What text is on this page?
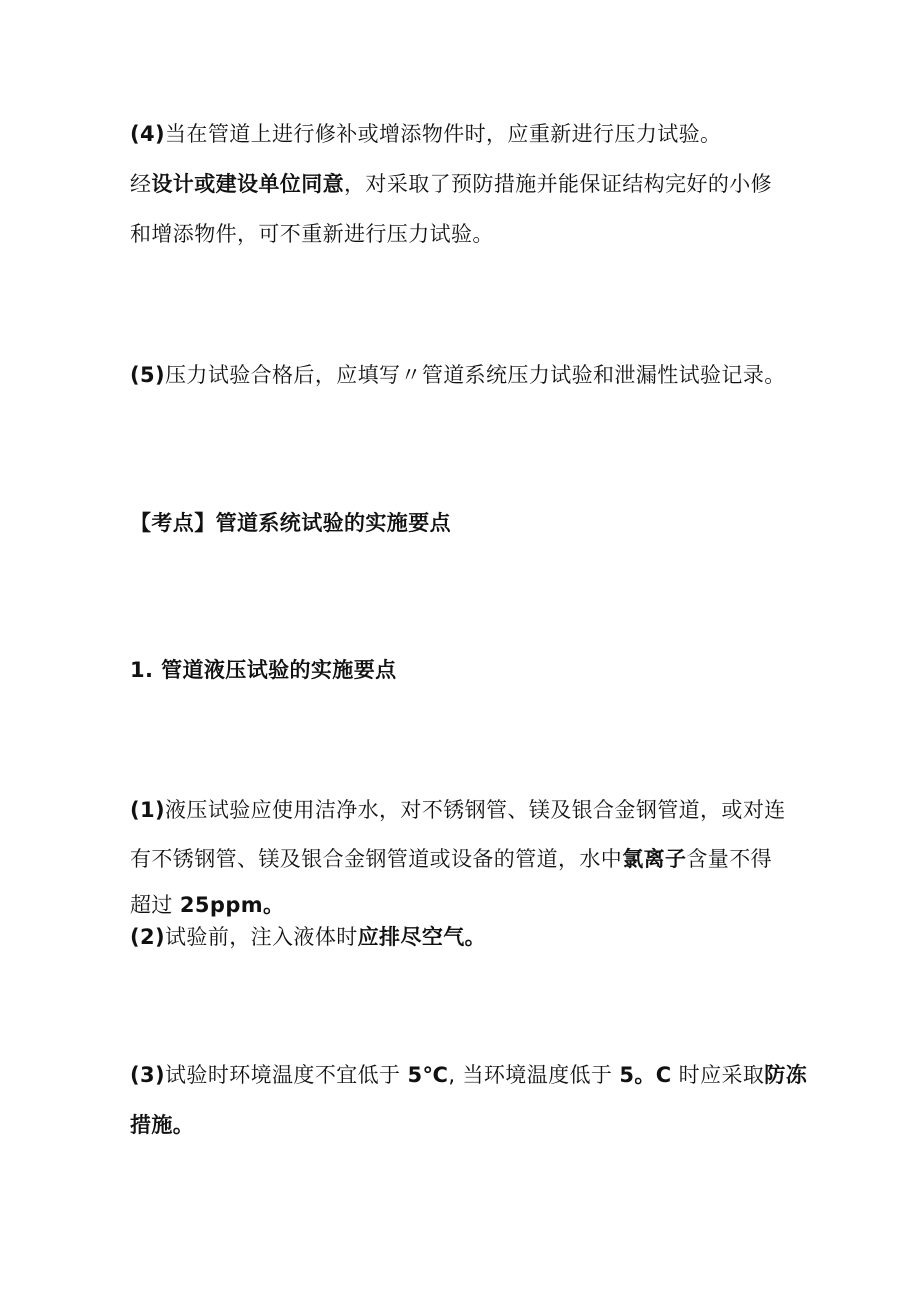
(4)当在管道上进行修补或增添物件时，应重新进行压力试验。
经设计或建设单位同意，对采取了预防措施并能保证结构完好的小修
和增添物件，可不重新进行压力试验。
(5)压力试验合格后，应填写〃管道系统压力试验和泄漏性试验记录。
【考点】管道系统试验的实施要点
1. 管道液压试验的实施要点
(1)液压试验应使用洁净水，对不锈钢管、镁及银合金钢管道，或对连
有不锈钢管、镁及银合金钢管道或设备的管道，水中氯离子含量不得
超过 25ppm。
(2)试验前，注入液体时应排尽空气。
(3)试验时环境温度不宜低于 5℃, 当环境温度低于 5。C 时应采取防冻
措施。
